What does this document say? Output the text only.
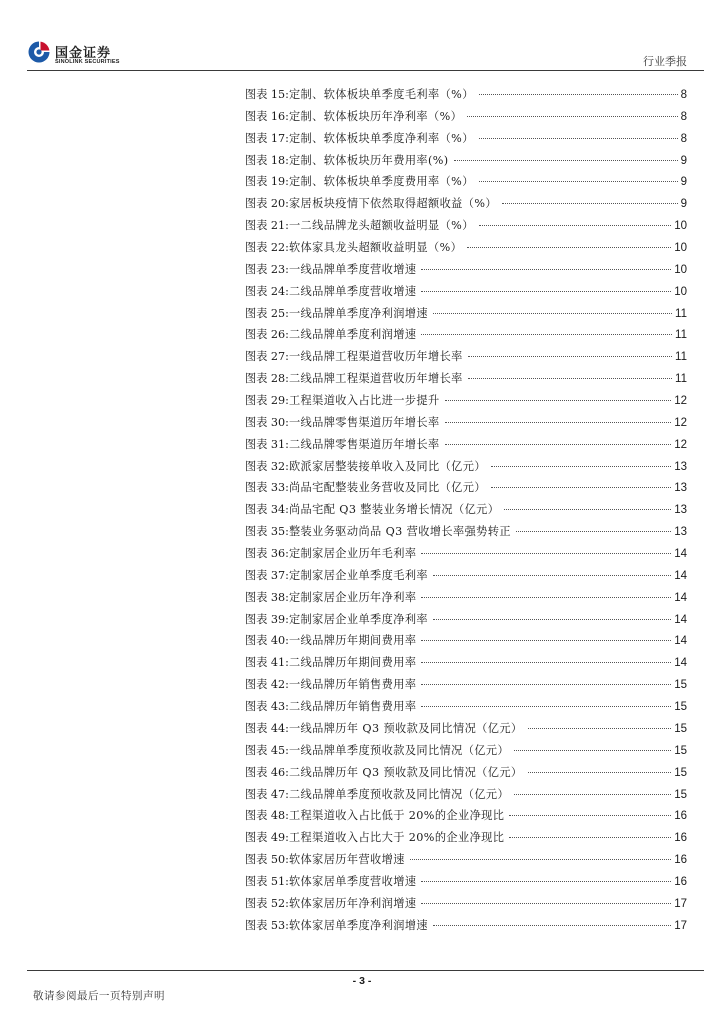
国金证券
SINOLINK SECURITIES	行业季报
图表 15: 定制、软体板块单季度毛利率（%）	8
图表 16: 定制、软体板块历年净利率（%）	8
图表 17: 定制、软体板块单季度净利率（%）	8
图表 18: 定制、软体板块历年费用率(%)	9
图表 19: 定制、软体板块单季度费用率（%）	9
图表 20: 家居板块疫情下依然取得超额收益（%）	9
图表 21: 一二线品牌龙头超额收益明显（%）	10
图表 22: 软体家具龙头超额收益明显（%）	10
图表 23: 一线品牌单季度营收增速	10
图表 24: 二线品牌单季度营收增速	10
图表 25: 一线品牌单季度净利润增速	11
图表 26: 二线品牌单季度利润增速	11
图表 27: 一线品牌工程渠道营收历年增长率	11
图表 28: 二线品牌工程渠道营收历年增长率	11
图表 29: 工程渠道收入占比进一步提升	12
图表 30: 一线品牌零售渠道历年增长率	12
图表 31: 二线品牌零售渠道历年增长率	12
图表 32: 欧派家居整装接单收入及同比（亿元）	13
图表 33: 尚品宅配整装业务营收及同比（亿元）	13
图表 34: 尚品宅配 Q3 整装业务增长情况（亿元）	13
图表 35: 整装业务驱动尚品 Q3 营收增长率强势转正	13
图表 36: 定制家居企业历年毛利率	14
图表 37: 定制家居企业单季度毛利率	14
图表 38: 定制家居企业历年净利率	14
图表 39: 定制家居企业单季度净利率	14
图表 40: 一线品牌历年期间费用率	14
图表 41: 二线品牌历年期间费用率	14
图表 42: 一线品牌历年销售费用率	15
图表 43: 二线品牌历年销售费用率	15
图表 44: 一线品牌历年 Q3 预收款及同比情况（亿元）	15
图表 45: 一线品牌单季度预收款及同比情况（亿元）	15
图表 46: 二线品牌历年 Q3 预收款及同比情况（亿元）	15
图表 47: 二线品牌单季度预收款及同比情况（亿元）	15
图表 48: 工程渠道收入占比低于 20%的企业净现比	16
图表 49: 工程渠道收入占比大于 20%的企业净现比	16
图表 50: 软体家居历年营收增速	16
图表 51: 软体家居单季度营收增速	16
图表 52: 软体家居历年净利润增速	17
图表 53: 软体家居单季度净利润增速	17
- 3 -
敬请参阅最后一页特别声明
